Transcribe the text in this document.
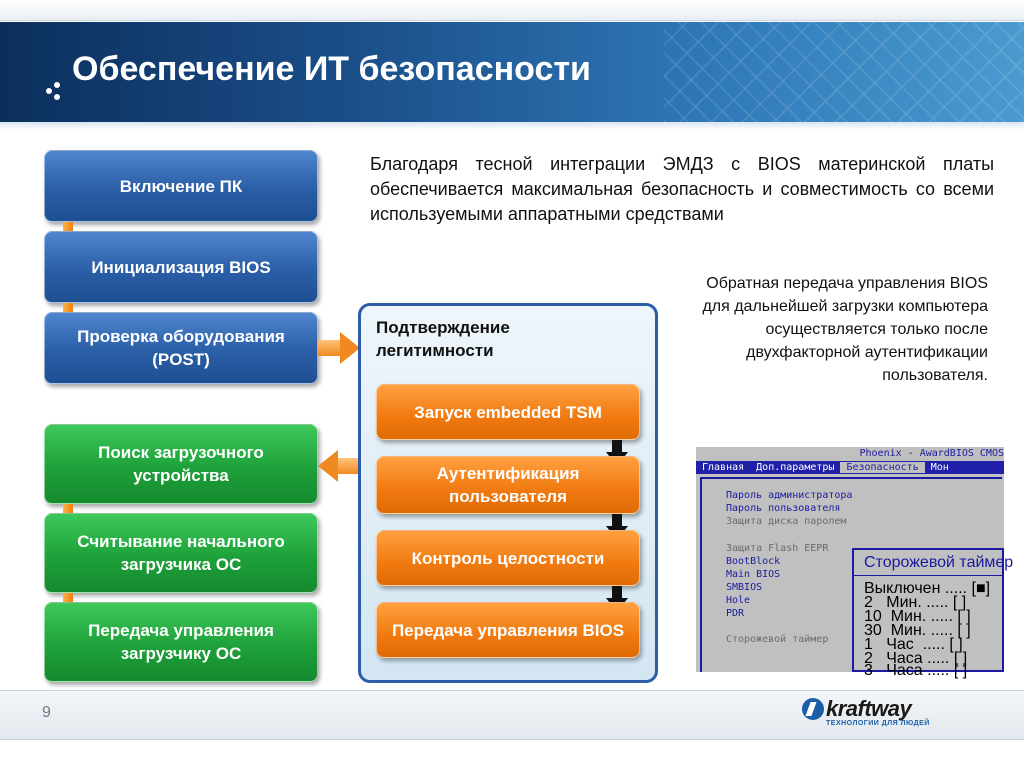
Обеспечение ИТ безопасности
Включение ПК
Инициализация BIOS
Проверка оборудования (POST)
Поиск загрузочного устройства
Считывание начального загрузчика ОС
Передача управления загрузчику ОС
Подтверждение легитимности
Запуск embedded TSM
Аутентификация пользователя
Контроль целостности
Передача управления BIOS
Благодаря тесной интеграции ЭМДЗ с BIOS материнской платы обеспечивается максимальная безопасность и совместимость со всеми используемыми аппаратными средствами
Обратная передача управления BIOS для дальнейшей загрузки компьютера осуществляется только после двухфакторной аутентификации пользователя.
Phoenix - AwardBIOS CMOS
Главная Доп.параметры Безопасность Мон
Пароль администратора
Пароль пользователя
Защита диска паролем
Защита Flash EEPR
BootBlock
Main BIOS
SMBIOS
Hole
PDR
Сторожевой таймер
Сторожевой таймер
Выключен ..... [■]
2   Мин. ..... [ ]
10  Мин. ..... [ ]
30  Мин. ..... [ ]
1   Час  ..... [ ]
2   Часа ..... [ ]
3   Часа ..... [ ]
9	kraftway
ТЕХНОЛОГИИ ДЛЯ ЛЮДЕЙ
